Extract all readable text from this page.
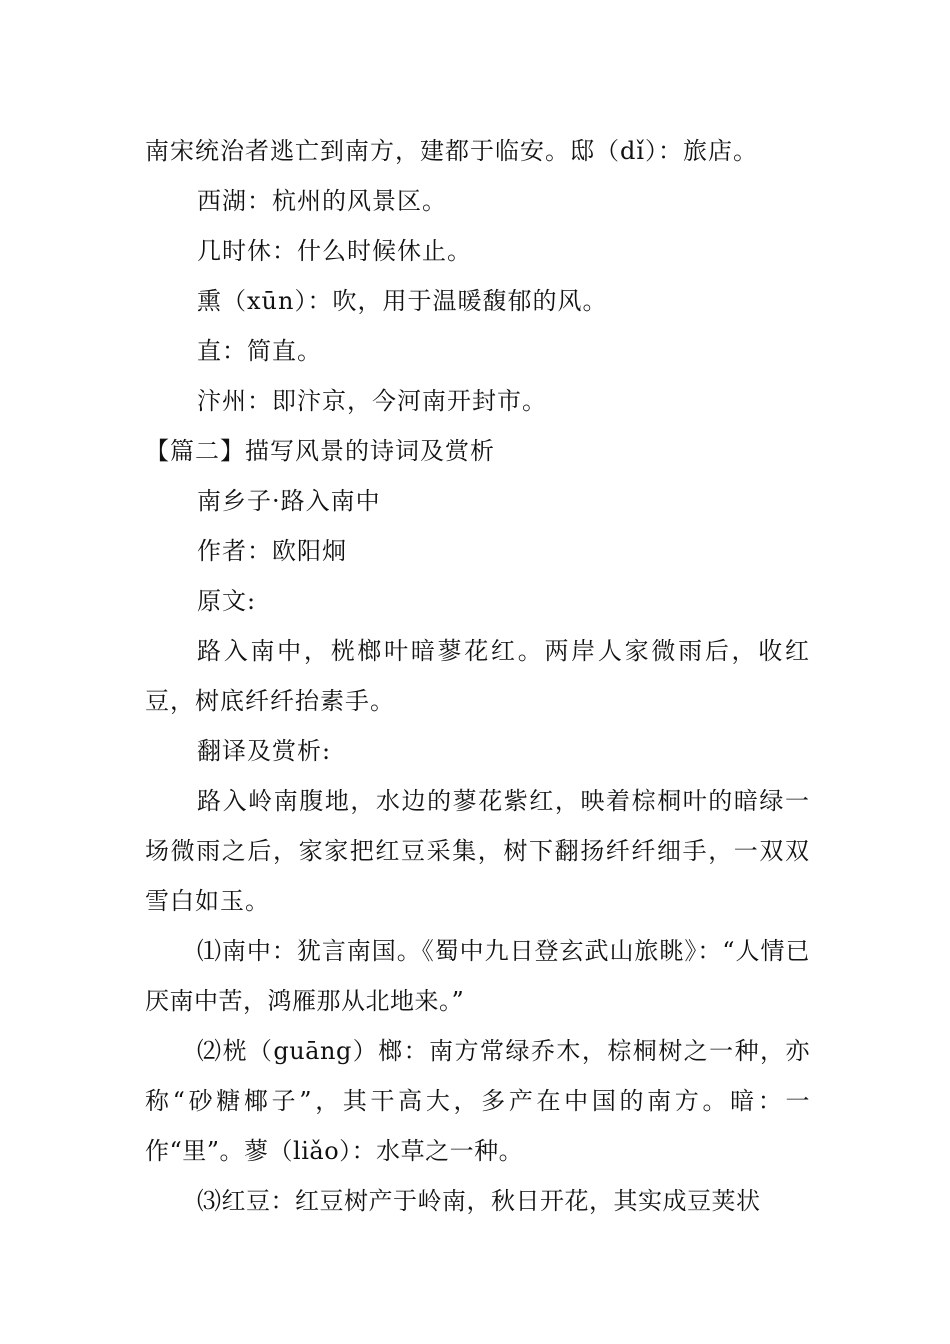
南宋统治者逃亡到南方，建都于临安。邸（dǐ）：旅店。

西湖：杭州的风景区。

几时休：什么时候休止。

熏（xūn）：吹，用于温暖馥郁的风。

直：简直。

汴州：即汴京，今河南开封市。

【篇二】描写风景的诗词及赏析

南乡子·路入南中

作者：欧阳炯

原文:

路入南中，桄榔叶暗蓼花红。两岸人家微雨后，收红豆，树底纤纤抬素手。

翻译及赏析:

路入岭南腹地，水边的蓼花紫红，映着棕桐叶的暗绿一场微雨之后，家家把红豆采集，树下翻扬纤纤细手，一双双雪白如玉。

⑴南中：犹言南国。《蜀中九日登玄武山旅眺》：“人情已厌南中苦，鸿雁那从北地来。”

⑵桄（guāng）榔：南方常绿乔木，棕桐树之一种，亦称“砂糖椰子”，其干高大，多产在中国的南方。暗：一作“里”。蓼（liǎo）：水草之一种。

⑶红豆：红豆树产于岭南，秋日开花，其实成豆荚状
